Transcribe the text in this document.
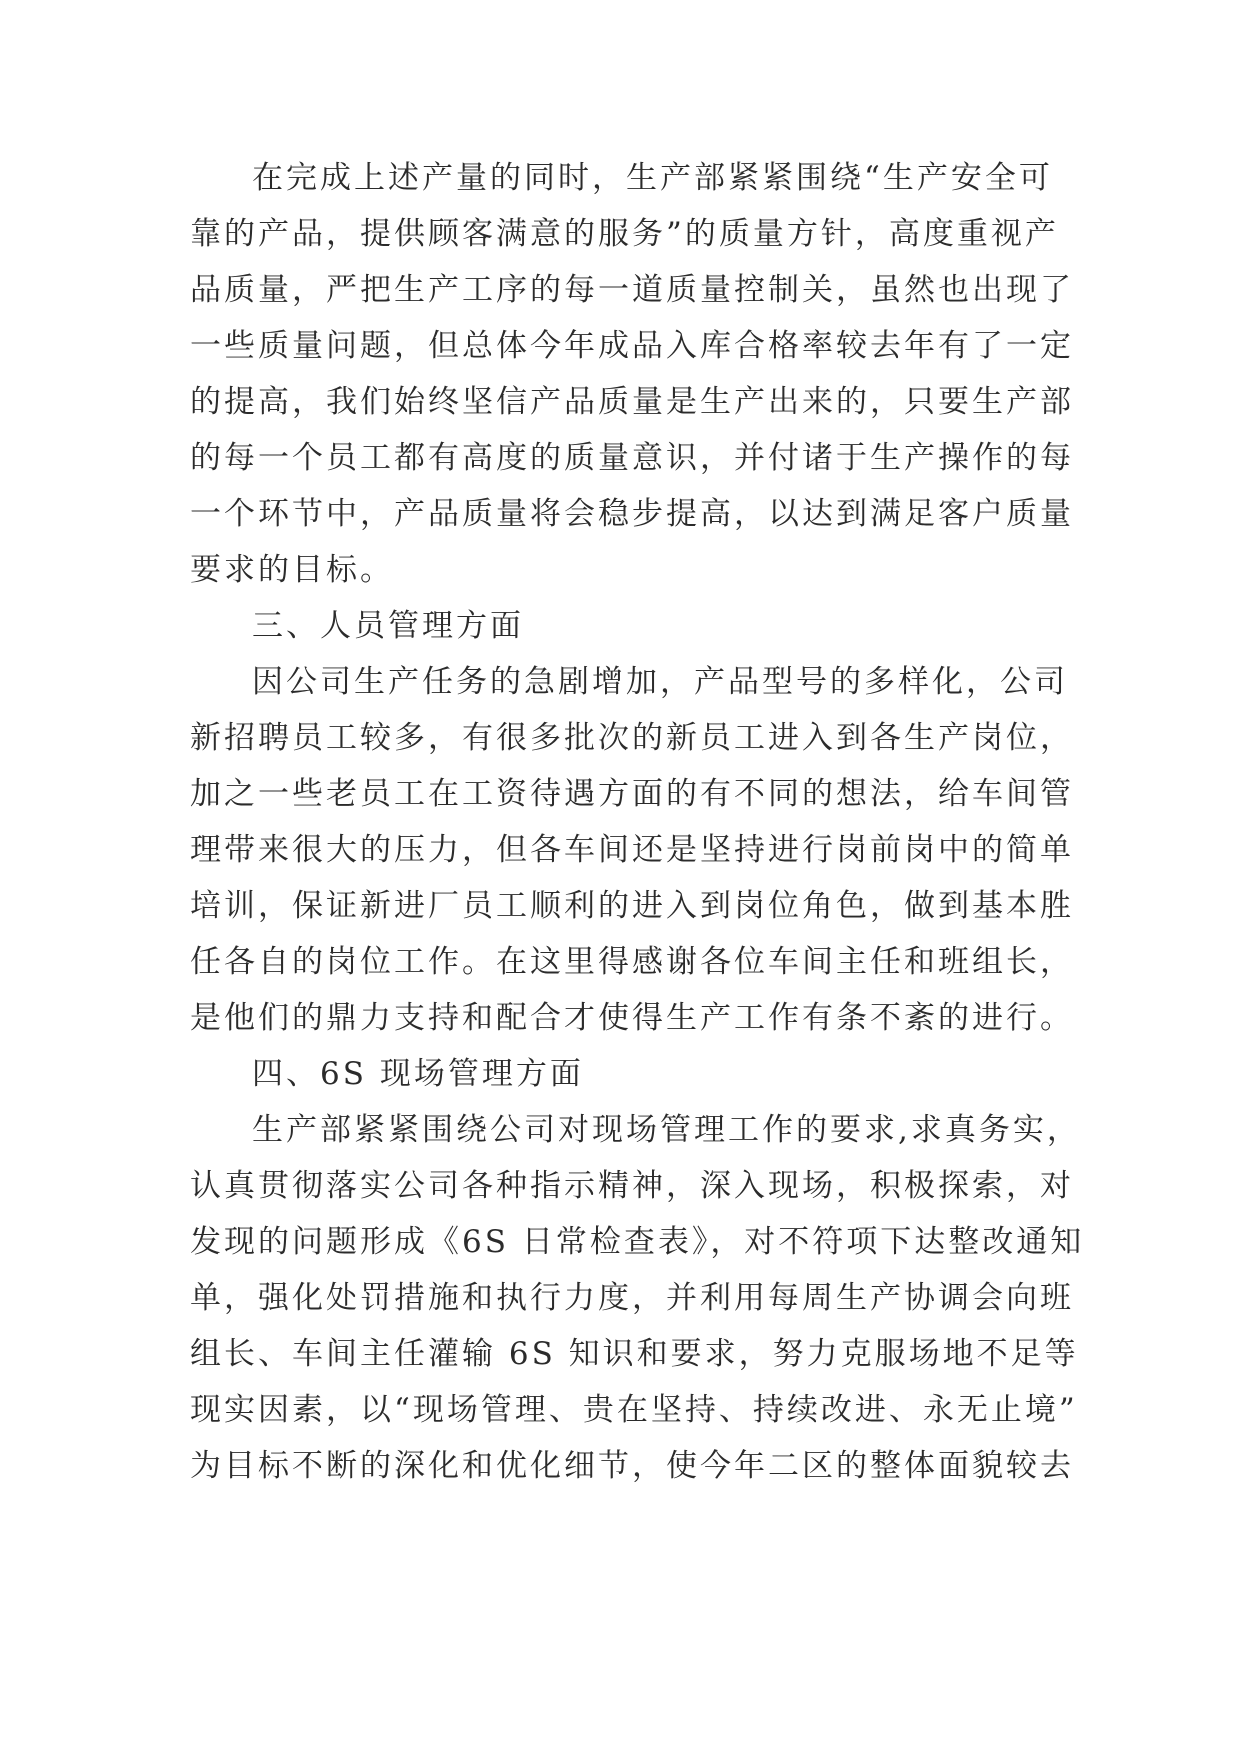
在完成上述产量的同时，生产部紧紧围绕“生产安全可
靠的产品，提供顾客满意的服务”的质量方针，高度重视产
品质量，严把生产工序的每一道质量控制关，虽然也出现了
一些质量问题，但总体今年成品入库合格率较去年有了一定
的提高，我们始终坚信产品质量是生产出来的，只要生产部
的每一个员工都有高度的质量意识，并付诸于生产操作的每
一个环节中，产品质量将会稳步提高，以达到满足客户质量
要求的目标。
三、人员管理方面
因公司生产任务的急剧增加，产品型号的多样化，公司
新招聘员工较多，有很多批次的新员工进入到各生产岗位，
加之一些老员工在工资待遇方面的有不同的想法，给车间管
理带来很大的压力，但各车间还是坚持进行岗前岗中的简单
培训，保证新进厂员工顺利的进入到岗位角色，做到基本胜
任各自的岗位工作。在这里得感谢各位车间主任和班组长，
是他们的鼎力支持和配合才使得生产工作有条不紊的进行。
四、6S 现场管理方面
生产部紧紧围绕公司对现场管理工作的要求,求真务实，
认真贯彻落实公司各种指示精神，深入现场，积极探索，对
发现的问题形成《6S 日常检查表》，对不符项下达整改通知
单，强化处罚措施和执行力度，并利用每周生产协调会向班
组长、车间主任灌输 6S 知识和要求，努力克服场地不足等
现实因素，以“现场管理、贵在坚持、持续改进、永无止境”
为目标不断的深化和优化细节，使今年二区的整体面貌较去
